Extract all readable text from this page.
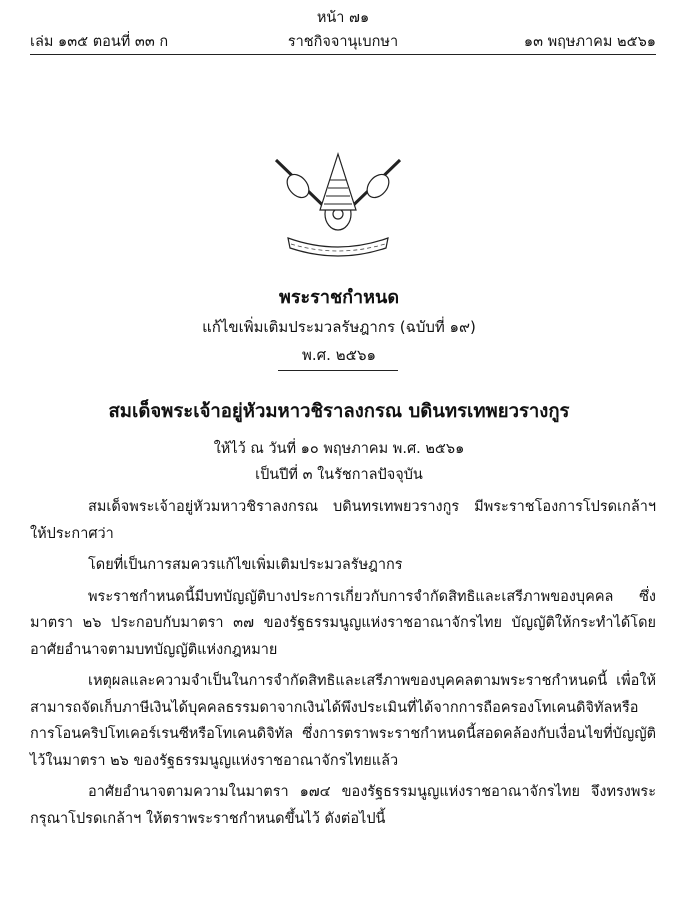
หน้า ๗๑
เล่ม ๑๓๕ ตอนที่ ๓๓ ก	ราชกิจจานุเบกษา	๑๓ พฤษภาคม ๒๕๖๑
พระราชกำหนด
แก้ไขเพิ่มเติมประมวลรัษฎากร (ฉบับที่ ๑๙)
พ.ศ. ๒๕๖๑
สมเด็จพระเจ้าอยู่หัวมหาวชิราลงกรณ บดินทรเทพยวรางกูร
ให้ไว้ ณ วันที่ ๑๐ พฤษภาคม พ.ศ. ๒๕๖๑
เป็นปีที่ ๓ ในรัชกาลปัจจุบัน

สมเด็จพระเจ้าอยู่หัวมหาวชิราลงกรณ บดินทรเทพยวรางกูร มีพระราชโองการโปรดเกล้าฯ ให้ประกาศว่า

โดยที่เป็นการสมควรแก้ไขเพิ่มเติมประมวลรัษฎากร

พระราชกำหนดนี้มีบทบัญญัติบางประการเกี่ยวกับการจำกัดสิทธิและเสรีภาพของบุคคล ซึ่งมาตรา ๒๖ ประกอบกับมาตรา ๓๗ ของรัฐธรรมนูญแห่งราชอาณาจักรไทย บัญญัติให้กระทำได้โดยอาศัยอำนาจตามบทบัญญัติแห่งกฎหมาย

เหตุผลและความจำเป็นในการจำกัดสิทธิและเสรีภาพของบุคคลตามพระราชกำหนดนี้ เพื่อให้สามารถจัดเก็บภาษีเงินได้บุคคลธรรมดาจากเงินได้พึงประเมินที่ได้จากการถือครองโทเคนดิจิทัลหรือการโอนคริปโทเคอร์เรนซีหรือโทเคนดิจิทัล ซึ่งการตราพระราชกำหนดนี้สอดคล้องกับเงื่อนไขที่บัญญัติไว้ในมาตรา ๒๖ ของรัฐธรรมนูญแห่งราชอาณาจักรไทยแล้ว

อาศัยอำนาจตามความในมาตรา ๑๗๔ ของรัฐธรรมนูญแห่งราชอาณาจักรไทย จึงทรงพระกรุณาโปรดเกล้าฯ ให้ตราพระราชกำหนดขึ้นไว้ ดังต่อไปนี้
